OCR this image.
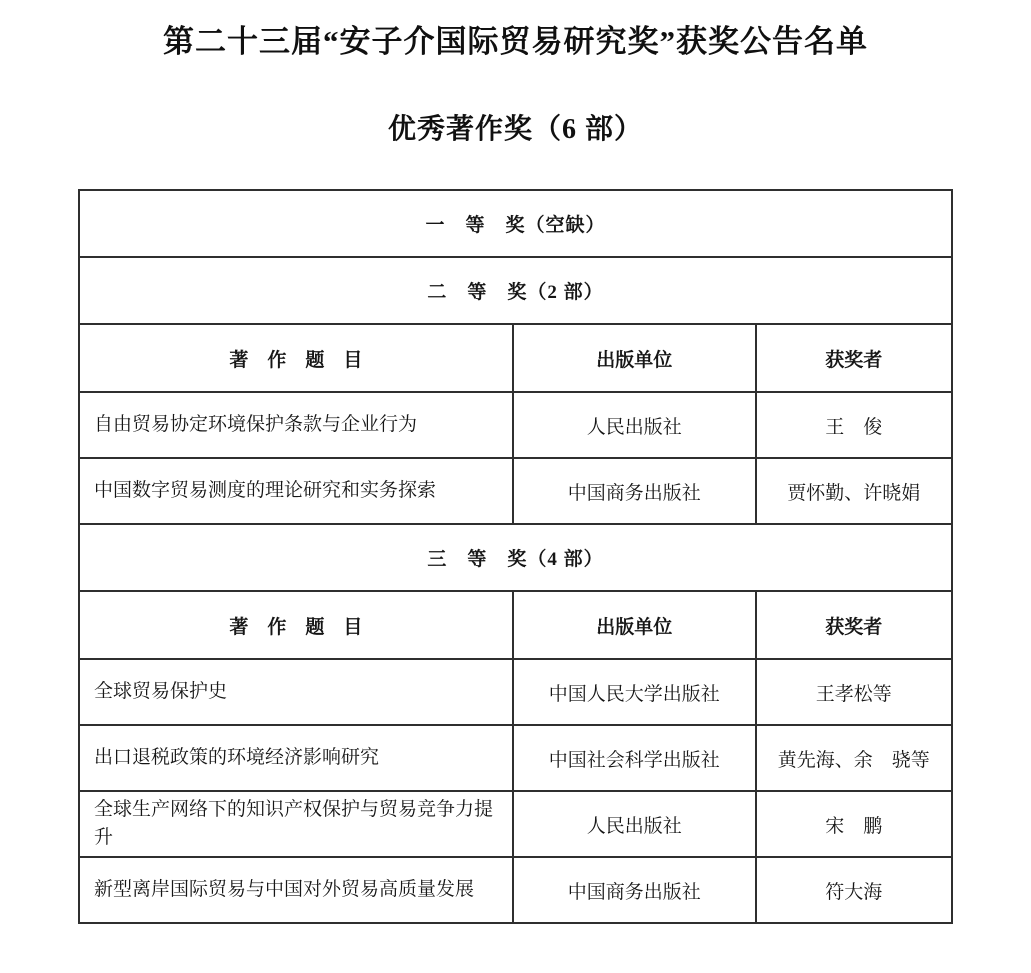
第二十三届“安子介国际贸易研究奖”获奖公告名单
优秀著作奖（6 部）
一　等　奖（空缺）		
二　等　奖（2 部）		
著　作　题　目	出版单位	获奖者
自由贸易协定环境保护条款与企业行为	人民出版社	王　俊
中国数字贸易测度的理论研究和实务探索	中国商务出版社	贾怀勤、许晓娟
三　等　奖（4 部）		
著　作　题　目	出版单位	获奖者
全球贸易保护史	中国人民大学出版社	王孝松等
出口退税政策的环境经济影响研究	中国社会科学出版社	黄先海、余　骁等
全球生产网络下的知识产权保护与贸易竞争力提升	人民出版社	宋　鹏
新型离岸国际贸易与中国对外贸易高质量发展	中国商务出版社	符大海
